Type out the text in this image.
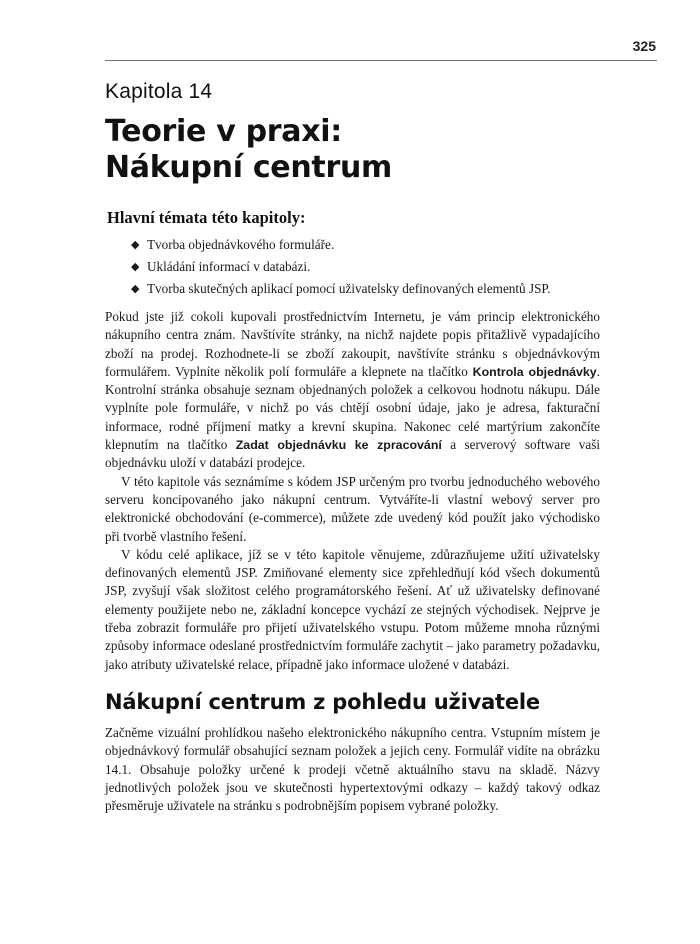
325
Kapitola 14
Teorie v praxi:
Nákupní centrum
Hlavní témata této kapitoly:
◆ Tvorba objednávkového formuláře.
◆ Ukládání informací v databázi.
◆ Tvorba skutečných aplikací pomocí uživatelsky definovaných elementů JSP.

Pokud jste již cokoli kupovali prostřednictvím Internetu, je vám princip elektronického nákupního centra znám. Navštívíte stránky, na nichž najdete popis přitažlivě vypadajícího zboží na prodej. Rozhodnete-li se zboží zakoupit, navštívíte stránku s objednávkovým formulářem. Vyplníte několik polí formuláře a klepnete na tlačítko Kontrola objednávky. Kontrolní stránka obsahuje seznam objednaných položek a celkovou hodnotu nákupu. Dále vyplníte pole formuláře, v nichž po vás chtějí osobní údaje, jako je adresa, fakturační informace, rodné příjmení matky a krevní skupina. Nakonec celé martýrium zakončíte klepnutím na tlačítko Zadat objednávku ke zpracování a serverový software vaši objednávku uloží v databázi prodejce.

V této kapitole vás seznámíme s kódem JSP určeným pro tvorbu jednoduchého webového serveru koncipovaného jako nákupní centrum. Vytváříte-li vlastní webový server pro elektronické obchodování (e-commerce), můžete zde uvedený kód použít jako východisko při tvorbě vlastního řešení.

V kódu celé aplikace, jíž se v této kapitole věnujeme, zdůrazňujeme užití uživatelsky definovaných elementů JSP. Zmiňované elementy sice zpřehledňují kód všech dokumentů JSP, zvyšují však složitost celého programátorského řešení. Ať už uživatelsky definované elementy použijete nebo ne, základní koncepce vychází ze stejných východisek. Nejprve je třeba zobrazit formuláře pro přijetí uživatelského vstupu. Potom můžeme mnoha různými způsoby informace odeslané prostřednictvím formuláře zachytit – jako parametry požadavku, jako atributy uživatelské relace, případně jako informace uložené v databázi.

Nákupní centrum z pohledu uživatele

Začněme vizuální prohlídkou našeho elektronického nákupního centra. Vstupním místem je objednávkový formulář obsahující seznam položek a jejich ceny. Formulář vidíte na obrázku 14.1. Obsahuje položky určené k prodeji včetně aktuálního stavu na skladě. Názvy jednotlivých položek jsou ve skutečnosti hypertextovými odkazy – každý takový odkaz přesměruje uživatele na stránku s podrobnějším popisem vybrané položky.
